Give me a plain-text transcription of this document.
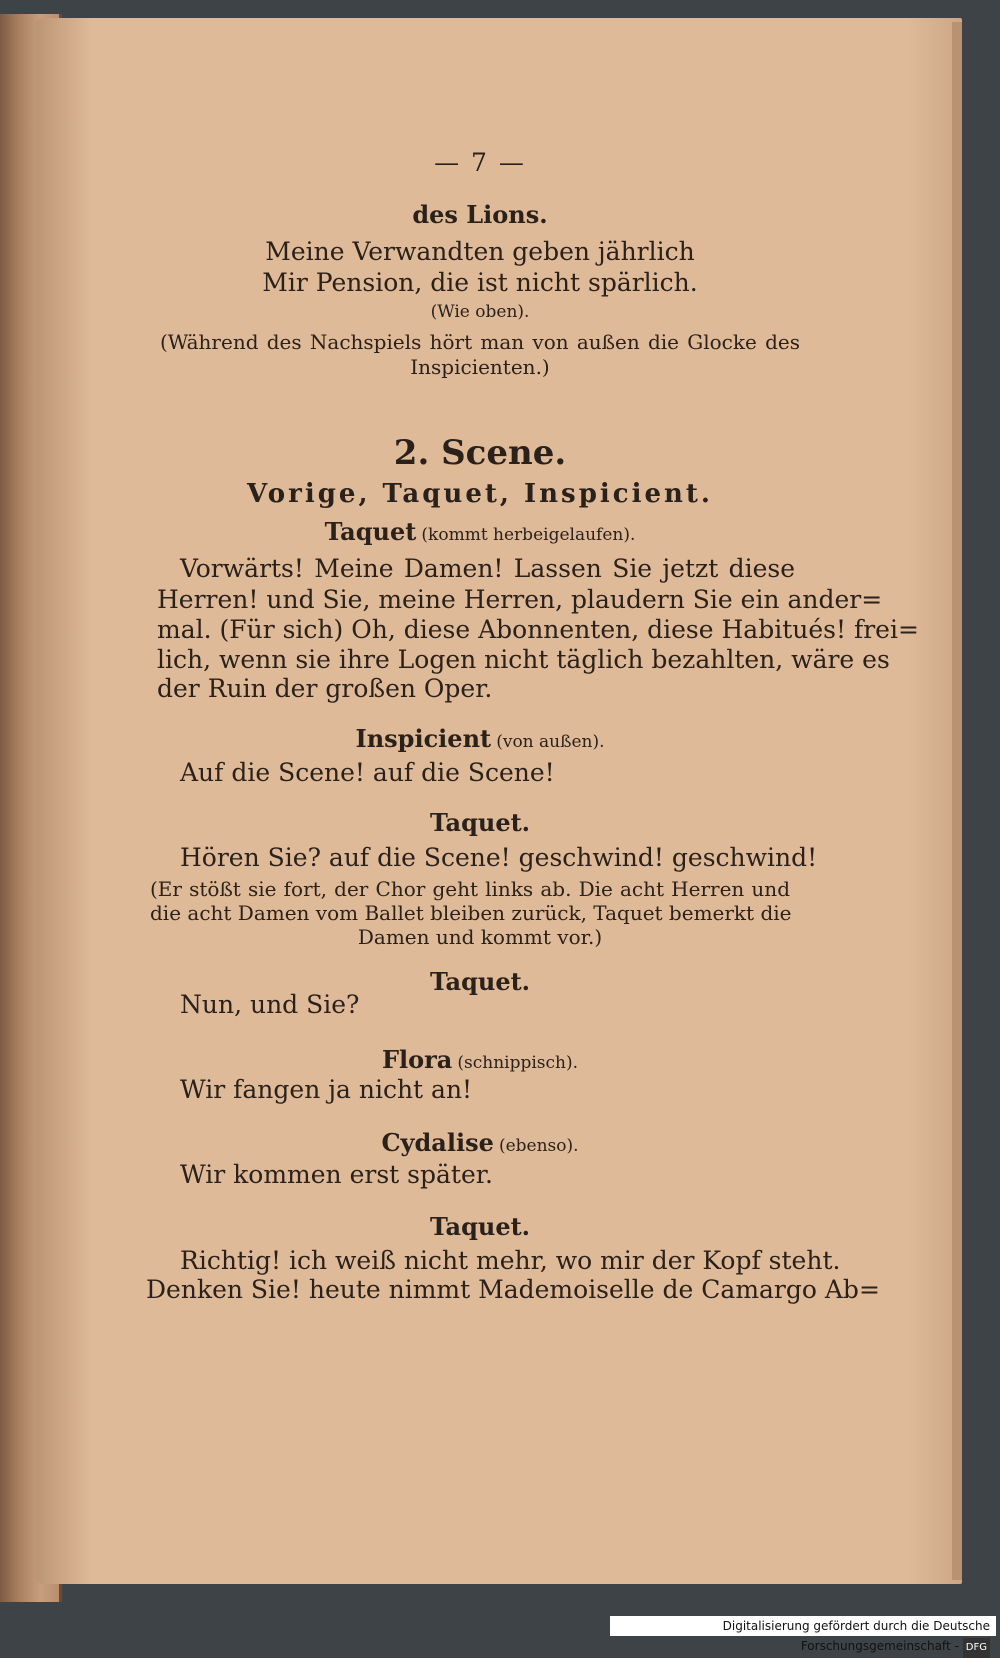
— 7 —
des Lions.
Meine Verwandten geben jährlich
Mir Pension, die ist nicht spärlich.
(Wie oben).
(Während des Nachspiels hört man von außen die Glocke des
Inspicienten.)
2. Scene.
Vorige, Taquet, Inspicient.
Taquet (kommt herbeigelaufen).
Vorwärts! Meine Damen! Lassen Sie jetzt diese
Herren! und Sie, meine Herren, plaudern Sie ein ander=
mal. (Für sich) Oh, diese Abonnenten, diese Habitués! frei=
lich, wenn sie ihre Logen nicht täglich bezahlten, wäre es
der Ruin der großen Oper.
Inspicient (von außen).
Auf die Scene! auf die Scene!
Taquet.
Hören Sie? auf die Scene! geschwind! geschwind!
(Er stößt sie fort, der Chor geht links ab. Die acht Herren und
die acht Damen vom Ballet bleiben zurück, Taquet bemerkt die
Damen und kommt vor.)
Taquet.
Nun, und Sie?
Flora (schnippisch).
Wir fangen ja nicht an!
Cydalise (ebenso).
Wir kommen erst später.
Taquet.
Richtig! ich weiß nicht mehr, wo mir der Kopf steht.
Denken Sie! heute nimmt Mademoiselle de Camargo Ab=
Digitalisierung gefördert durch die Deutsche Forschungsgemeinschaft - DFG
